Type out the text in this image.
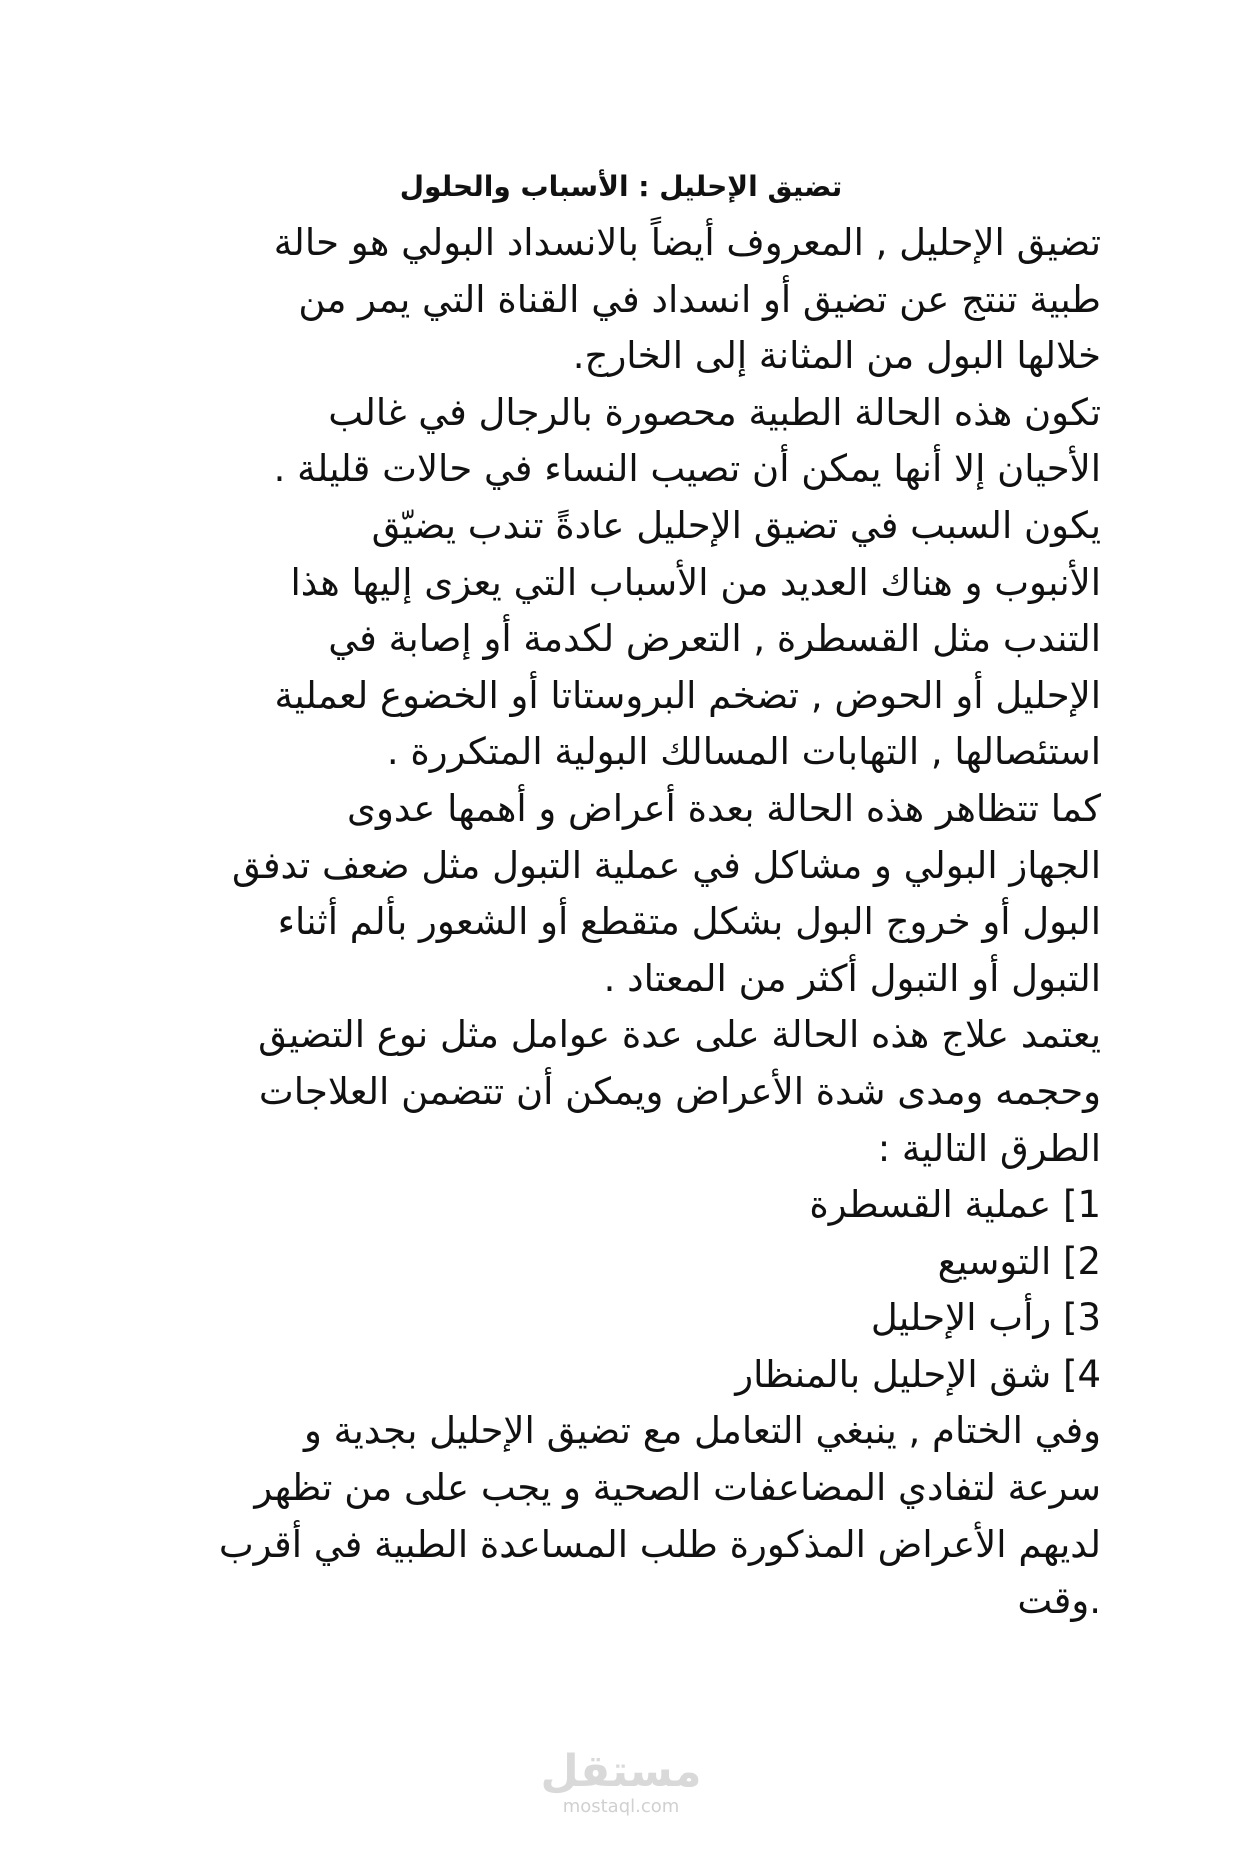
تضيق الإحليل : الأسباب والحلول
تضيق الإحليل , المعروف أيضاً بالانسداد البولي هو حالة
طبية تنتج عن تضيق أو انسداد في القناة التي يمر من
خلالها البول من المثانة إلى الخارج.
تكون هذه الحالة الطبية محصورة بالرجال في غالب
الأحيان إلا أنها يمكن أن تصيب النساء في حالات قليلة .
يكون السبب في تضيق الإحليل عادةً تندب يضيّق
الأنبوب و هناك العديد من الأسباب التي يعزى إليها هذا
التندب مثل القسطرة , التعرض لكدمة أو إصابة في
الإحليل أو الحوض , تضخم البروستاتا أو الخضوع لعملية
استئصالها , التهابات المسالك البولية المتكررة .
كما تتظاهر هذه الحالة بعدة أعراض و أهمها عدوى
الجهاز البولي و مشاكل في عملية التبول مثل ضعف تدفق
البول أو خروج البول بشكل متقطع أو الشعور بألم أثناء
التبول أو التبول أكثر من المعتاد .
يعتمد علاج هذه الحالة على عدة عوامل مثل نوع التضيق
وحجمه ومدى شدة الأعراض ويمكن أن تتضمن العلاجات
الطرق التالية :
1] عملية القسطرة
2] التوسيع
3] رأب الإحليل
4] شق الإحليل بالمنظار
وفي الختام , ينبغي التعامل مع تضيق الإحليل بجدية و
سرعة لتفادي المضاعفات الصحية و يجب على من تظهر
لديهم الأعراض المذكورة طلب المساعدة الطبية في أقرب
.وقت
مستقل
mostaql.com
